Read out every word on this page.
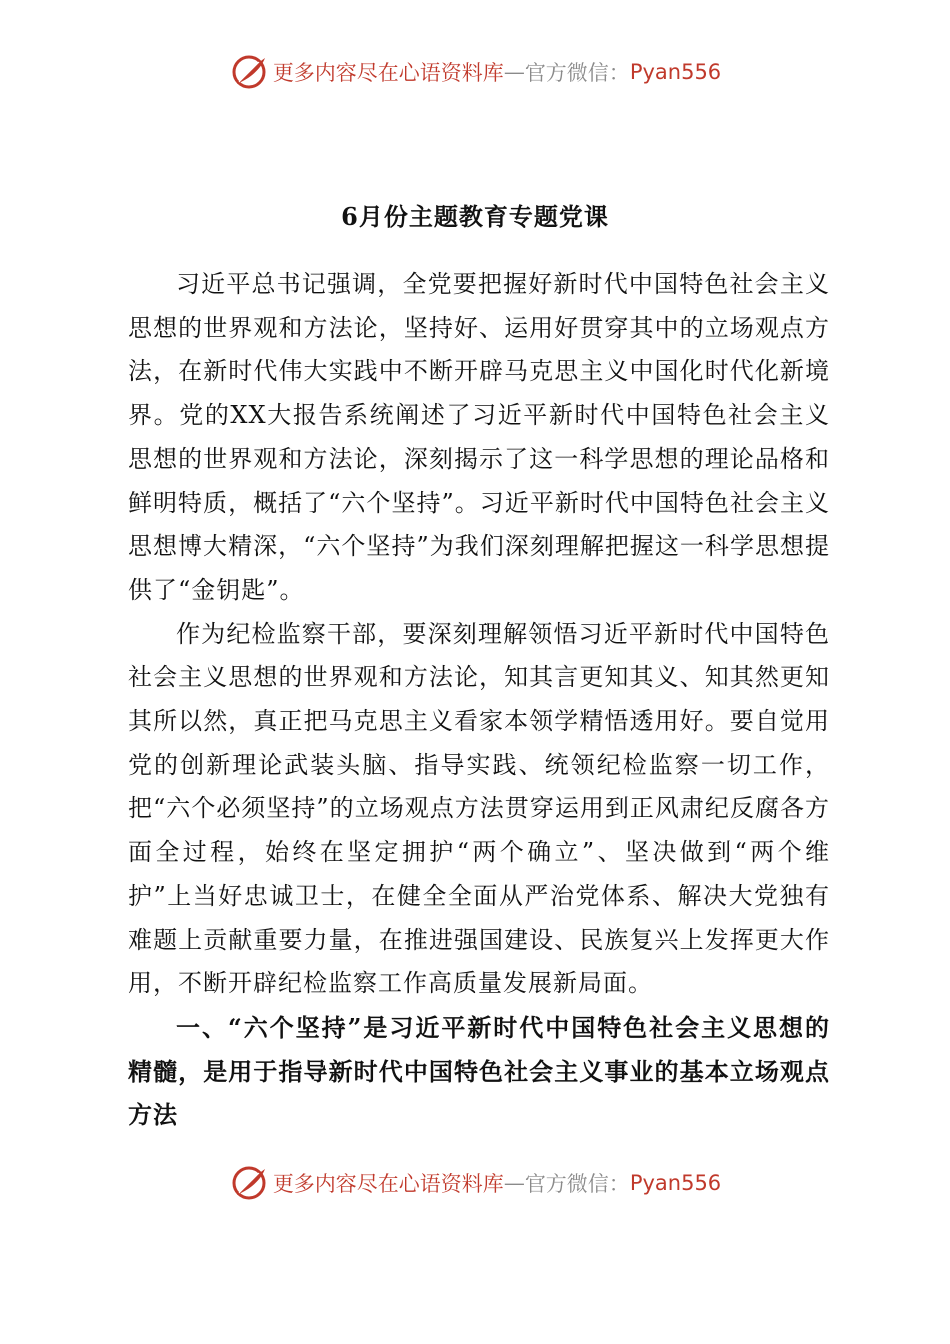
更多内容尽在心语资料库 — 官方微信： Pyan556
6月份主题教育专题党课

习近平总书记强调，全党要把握好新时代中国特色社会主义思想的世界观和方法论，坚持好、运用好贯穿其中的立场观点方法，在新时代伟大实践中不断开辟马克思主义中国化时代化新境界。党的XX大报告系统阐述了习近平新时代中国特色社会主义思想的世界观和方法论，深刻揭示了这一科学思想的理论品格和鲜明特质，概括了“六个坚持”。习近平新时代中国特色社会主义思想博大精深，“六个坚持”为我们深刻理解把握这一科学思想提供了“金钥匙”。

作为纪检监察干部，要深刻理解领悟习近平新时代中国特色社会主义思想的世界观和方法论，知其言更知其义、知其然更知其所以然，真正把马克思主义看家本领学精悟透用好。要自觉用党的创新理论武装头脑、指导实践、统领纪检监察一切工作，把“六个必须坚持”的立场观点方法贯穿运用到正风肃纪反腐各方面全过程，始终在坚定拥护“两个确立”、坚决做到“两个维护”上当好忠诚卫士，在健全全面从严治党体系、解决大党独有难题上贡献重要力量，在推进强国建设、民族复兴上发挥更大作用，不断开辟纪检监察工作高质量发展新局面。

一、“六个坚持”是习近平新时代中国特色社会主义思想的精髓，是用于指导新时代中国特色社会主义事业的基本立场观点方法

更多内容尽在心语资料库 — 官方微信： Pyan556
